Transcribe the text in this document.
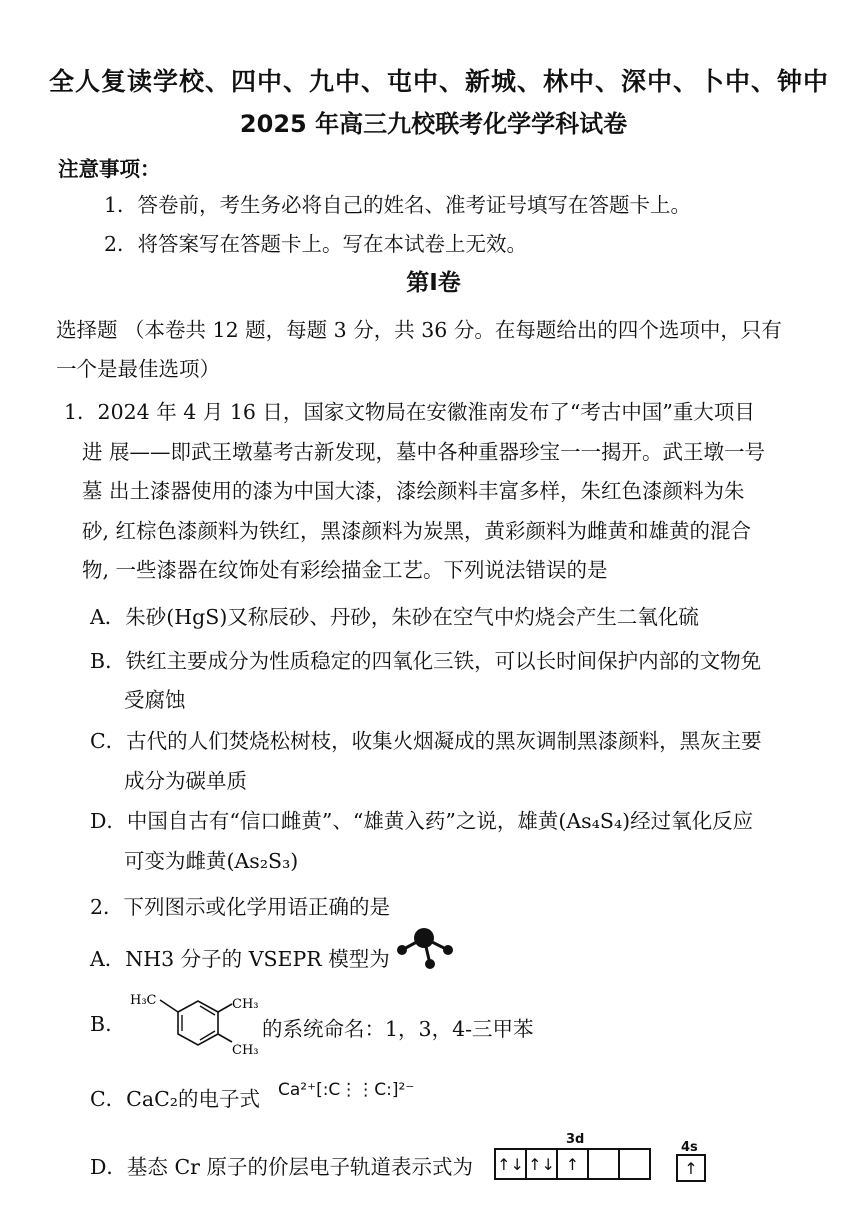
全人复读学校、四中、九中、屯中、新城、林中、深中、卜中、钟中
2025 年高三九校联考化学学科试卷
注意事项：
1．答卷前，考生务必将自己的姓名、准考证号填写在答题卡上。
2．将答案写在答题卡上。写在本试卷上无效。
第Ⅰ卷
选择题 （本卷共 12 题，每题 3 分，共 36 分。在每题给出的四个选项中，只有
一个是最佳选项）
1．2024 年 4 月 16 日，国家文物局在安徽淮南发布了“考古中国”重大项目
进 展——即武王墩墓考古新发现，墓中各种重器珍宝一一揭开。武王墩一号
墓 出土漆器使用的漆为中国大漆，漆绘颜料丰富多样，朱红色漆颜料为朱
砂, 红棕色漆颜料为铁红，黑漆颜料为炭黑，黄彩颜料为雌黄和雄黄的混合
物, 一些漆器在纹饰处有彩绘描金工艺。下列说法错误的是
A．朱砂(HgS)又称辰砂、丹砂，朱砂在空气中灼烧会产生二氧化硫
B．铁红主要成分为性质稳定的四氧化三铁，可以长时间保护内部的文物免
受腐蚀
C．古代的人们焚烧松树枝，收集火烟凝成的黑灰调制黑漆颜料，黑灰主要
成分为碳单质
D．中国自古有“信口雌黄”、“雄黄入药”之说，雄黄(As₄S₄)经过氧化反应
可变为雌黄(As₂S₃)
2．下列图示或化学用语正确的是
A．NH3 分子的 VSEPR 模型为
B.
H₃C	CH₃
CH₃
的系统命名：1，3，4-三甲苯
C．CaC₂的电子式 Ca²⁺[:C⋮⋮C:]²⁻
D．基态 Cr 原子的价层电子轨道表示式为
3d
↑↓ ↑↓ ↑
4s
↑
